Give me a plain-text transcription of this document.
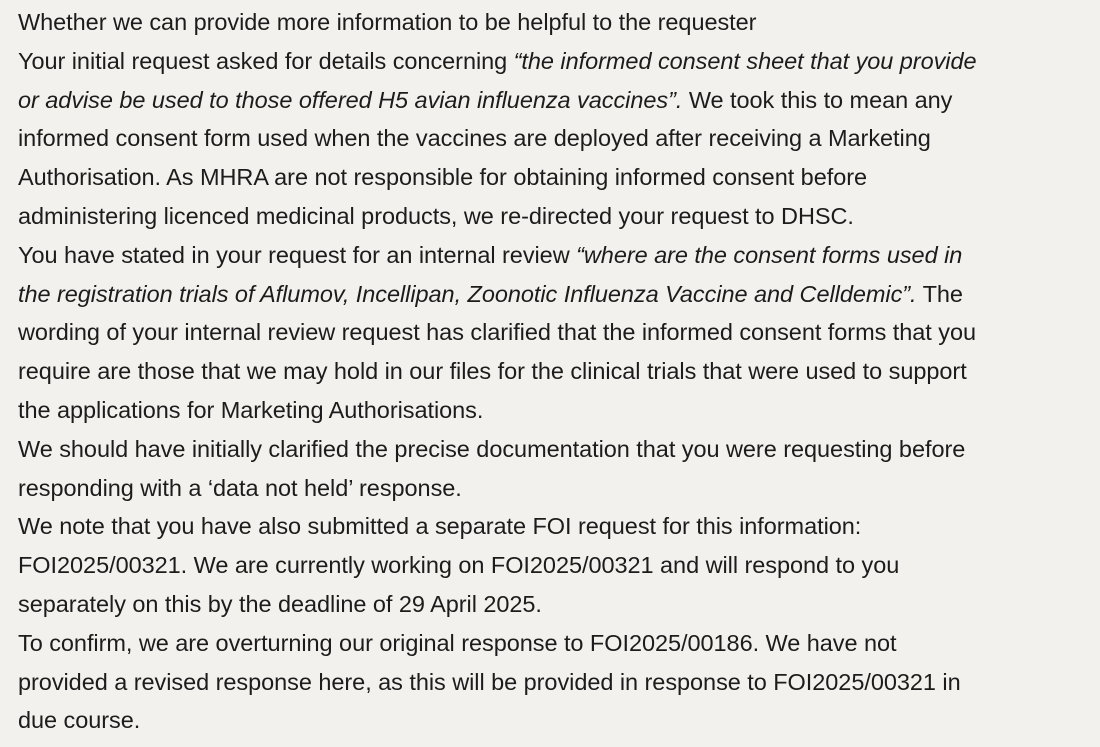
Whether we can provide more information to be helpful to the requester
Your initial request asked for details concerning “the informed consent sheet that you provide
or advise be used to those offered H5 avian influenza vaccines”. We took this to mean any
informed consent form used when the vaccines are deployed after receiving a Marketing
Authorisation. As MHRA are not responsible for obtaining informed consent before
administering licenced medicinal products, we re-directed your request to DHSC.
You have stated in your request for an internal review “where are the consent forms used in
the registration trials of Aflumov, Incellipan, Zoonotic Influenza Vaccine and Celldemic”. The
wording of your internal review request has clarified that the informed consent forms that you
require are those that we may hold in our files for the clinical trials that were used to support
the applications for Marketing Authorisations.
We should have initially clarified the precise documentation that you were requesting before
responding with a ‘data not held’ response.
We note that you have also submitted a separate FOI request for this information:
FOI2025/00321. We are currently working on FOI2025/00321 and will respond to you
separately on this by the deadline of 29 April 2025.
To confirm, we are overturning our original response to FOI2025/00186. We have not
provided a revised response here, as this will be provided in response to FOI2025/00321 in
due course.
